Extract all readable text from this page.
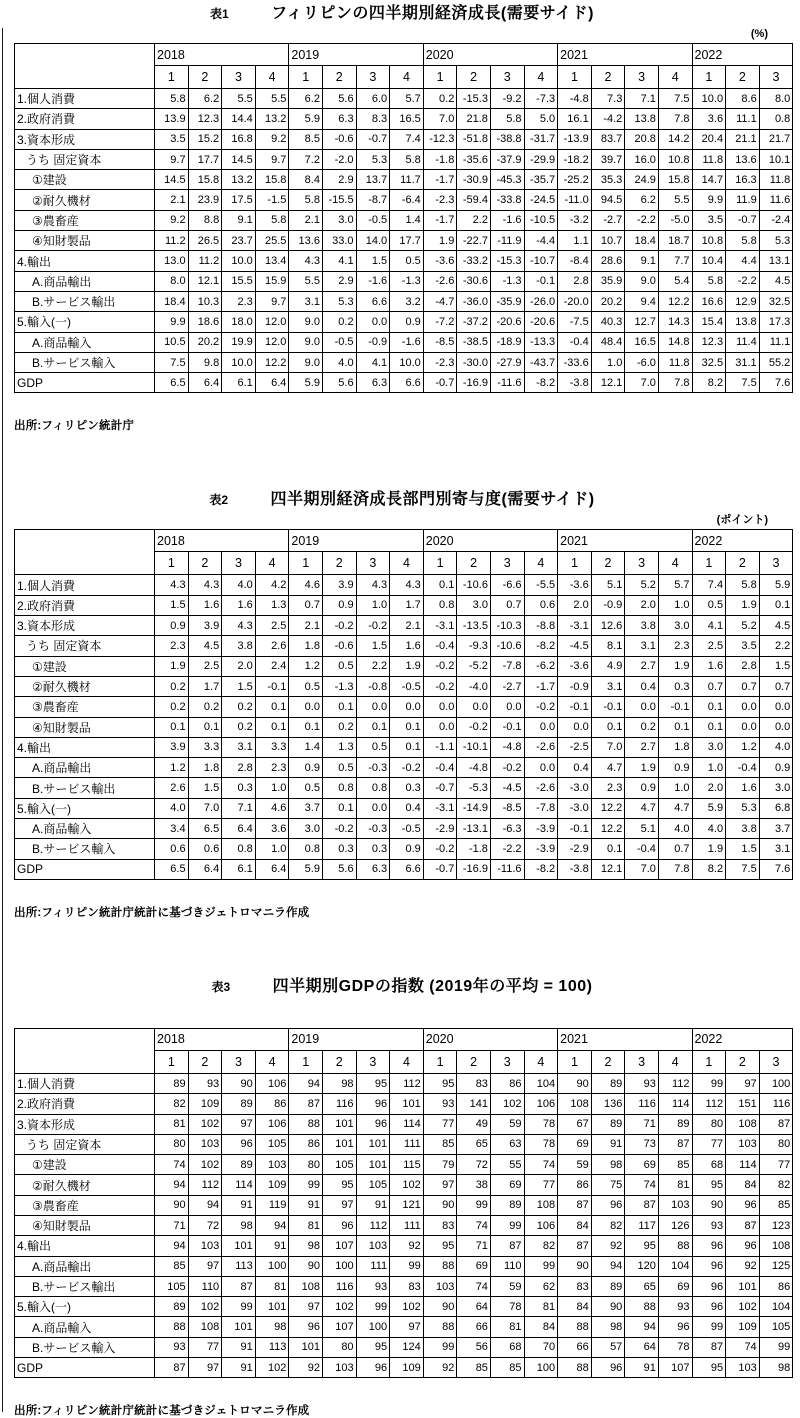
表1	フィリピンの四半期別経済成長(需要サイド)
(%)
	2018				2019				2020				2021				2022		
	1	2	3	4	1	2	3	4	1	2	3	4	1	2	3	4	1	2	3
1.個人消費	5.8	6.2	5.5	5.5	6.2	5.6	6.0	5.7	0.2	-15.3	-9.2	-7.3	-4.8	7.3	7.1	7.5	10.0	8.6	8.0
2.政府消費	13.9	12.3	14.4	13.2	5.9	6.3	8.3	16.5	7.0	21.8	5.8	5.0	16.1	-4.2	13.8	7.8	3.6	11.1	0.8
3.資本形成	3.5	15.2	16.8	9.2	8.5	-0.6	-0.7	7.4	-12.3	-51.8	-38.8	-31.7	-13.9	83.7	20.8	14.2	20.4	21.1	21.7
うち 固定資本	9.7	17.7	14.5	9.7	7.2	-2.0	5.3	5.8	-1.8	-35.6	-37.9	-29.9	-18.2	39.7	16.0	10.8	11.8	13.6	10.1
①建設	14.5	15.8	13.2	15.8	8.4	2.9	13.7	11.7	-1.7	-30.9	-45.3	-35.7	-25.2	35.3	24.9	15.8	14.7	16.3	11.8
②耐久機材	2.1	23.9	17.5	-1.5	5.8	-15.5	-8.7	-6.4	-2.3	-59.4	-33.8	-24.5	-11.0	94.5	6.2	5.5	9.9	11.9	11.6
③農畜産	9.2	8.8	9.1	5.8	2.1	3.0	-0.5	1.4	-1.7	2.2	-1.6	-10.5	-3.2	-2.7	-2.2	-5.0	3.5	-0.7	-2.4
④知財製品	11.2	26.5	23.7	25.5	13.6	33.0	14.0	17.7	1.9	-22.7	-11.9	-4.4	1.1	10.7	18.4	18.7	10.8	5.8	5.3
4.輸出	13.0	11.2	10.0	13.4	4.3	4.1	1.5	0.5	-3.6	-33.2	-15.3	-10.7	-8.4	28.6	9.1	7.7	10.4	4.4	13.1
A.商品輸出	8.0	12.1	15.5	15.9	5.5	2.9	-1.6	-1.3	-2.6	-30.6	-1.3	-0.1	2.8	35.9	9.0	5.4	5.8	-2.2	4.5
B.サービス輸出	18.4	10.3	2.3	9.7	3.1	5.3	6.6	3.2	-4.7	-36.0	-35.9	-26.0	-20.0	20.2	9.4	12.2	16.6	12.9	32.5
5.輸入(一)	9.9	18.6	18.0	12.0	9.0	0.2	0.0	0.9	-7.2	-37.2	-20.6	-20.6	-7.5	40.3	12.7	14.3	15.4	13.8	17.3
A.商品輸入	10.5	20.2	19.9	12.0	9.0	-0.5	-0.9	-1.6	-8.5	-38.5	-18.9	-13.3	-0.4	48.4	16.5	14.8	12.3	11.4	11.1
B.サービス輸入	7.5	9.8	10.0	12.2	9.0	4.0	4.1	10.0	-2.3	-30.0	-27.9	-43.7	-33.6	1.0	-6.0	11.8	32.5	31.1	55.2
GDP	6.5	6.4	6.1	6.4	5.9	5.6	6.3	6.6	-0.7	-16.9	-11.6	-8.2	-3.8	12.1	7.0	7.8	8.2	7.5	7.6
出所:フィリピン統計庁
表2	四半期別経済成長部門別寄与度(需要サイド)
(ポイント)
	2018				2019				2020				2021				2022		
	1	2	3	4	1	2	3	4	1	2	3	4	1	2	3	4	1	2	3
1.個人消費	4.3	4.3	4.0	4.2	4.6	3.9	4.3	4.3	0.1	-10.6	-6.6	-5.5	-3.6	5.1	5.2	5.7	7.4	5.8	5.9
2.政府消費	1.5	1.6	1.6	1.3	0.7	0.9	1.0	1.7	0.8	3.0	0.7	0.6	2.0	-0.9	2.0	1.0	0.5	1.9	0.1
3.資本形成	0.9	3.9	4.3	2.5	2.1	-0.2	-0.2	2.1	-3.1	-13.5	-10.3	-8.8	-3.1	12.6	3.8	3.0	4.1	5.2	4.5
うち 固定資本	2.3	4.5	3.8	2.6	1.8	-0.6	1.5	1.6	-0.4	-9.3	-10.6	-8.2	-4.5	8.1	3.1	2.3	2.5	3.5	2.2
①建設	1.9	2.5	2.0	2.4	1.2	0.5	2.2	1.9	-0.2	-5.2	-7.8	-6.2	-3.6	4.9	2.7	1.9	1.6	2.8	1.5
②耐久機材	0.2	1.7	1.5	-0.1	0.5	-1.3	-0.8	-0.5	-0.2	-4.0	-2.7	-1.7	-0.9	3.1	0.4	0.3	0.7	0.7	0.7
③農畜産	0.2	0.2	0.2	0.1	0.0	0.1	0.0	0.0	0.0	0.0	0.0	-0.2	-0.1	-0.1	0.0	-0.1	0.1	0.0	0.0
④知財製品	0.1	0.1	0.2	0.1	0.1	0.2	0.1	0.1	0.0	-0.2	-0.1	0.0	0.0	0.1	0.2	0.1	0.1	0.0	0.0
4.輸出	3.9	3.3	3.1	3.3	1.4	1.3	0.5	0.1	-1.1	-10.1	-4.8	-2.6	-2.5	7.0	2.7	1.8	3.0	1.2	4.0
A.商品輸出	1.2	1.8	2.8	2.3	0.9	0.5	-0.3	-0.2	-0.4	-4.8	-0.2	0.0	0.4	4.7	1.9	0.9	1.0	-0.4	0.9
B.サービス輸出	2.6	1.5	0.3	1.0	0.5	0.8	0.8	0.3	-0.7	-5.3	-4.5	-2.6	-3.0	2.3	0.9	1.0	2.0	1.6	3.0
5.輸入(一)	4.0	7.0	7.1	4.6	3.7	0.1	0.0	0.4	-3.1	-14.9	-8.5	-7.8	-3.0	12.2	4.7	4.7	5.9	5.3	6.8
A.商品輸入	3.4	6.5	6.4	3.6	3.0	-0.2	-0.3	-0.5	-2.9	-13.1	-6.3	-3.9	-0.1	12.2	5.1	4.0	4.0	3.8	3.7
B.サービス輸入	0.6	0.6	0.8	1.0	0.8	0.3	0.3	0.9	-0.2	-1.8	-2.2	-3.9	-2.9	0.1	-0.4	0.7	1.9	1.5	3.1
GDP	6.5	6.4	6.1	6.4	5.9	5.6	6.3	6.6	-0.7	-16.9	-11.6	-8.2	-3.8	12.1	7.0	7.8	8.2	7.5	7.6
出所:フィリピン統計庁統計に基づきジェトロマニラ作成
表3	四半期別GDPの指数 (2019年の平均 = 100)
	2018				2019				2020				2021				2022		
	1	2	3	4	1	2	3	4	1	2	3	4	1	2	3	4	1	2	3
1.個人消費	89	93	90	106	94	98	95	112	95	83	86	104	90	89	93	112	99	97	100
2.政府消費	82	109	89	86	87	116	96	101	93	141	102	106	108	136	116	114	112	151	116
3.資本形成	81	102	97	106	88	101	96	114	77	49	59	78	67	89	71	89	80	108	87
うち 固定資本	80	103	96	105	86	101	101	111	85	65	63	78	69	91	73	87	77	103	80
①建設	74	102	89	103	80	105	101	115	79	72	55	74	59	98	69	85	68	114	77
②耐久機材	94	112	114	109	99	95	105	102	97	38	69	77	86	75	74	81	95	84	82
③農畜産	90	94	91	119	91	97	91	121	90	99	89	108	87	96	87	103	90	96	85
④知財製品	71	72	98	94	81	96	112	111	83	74	99	106	84	82	117	126	93	87	123
4.輸出	94	103	101	91	98	107	103	92	95	71	87	82	87	92	95	88	96	96	108
A.商品輸出	85	97	113	100	90	100	111	99	88	69	110	99	90	94	120	104	96	92	125
B.サービス輸出	105	110	87	81	108	116	93	83	103	74	59	62	83	89	65	69	96	101	86
5.輸入(一)	89	102	99	101	97	102	99	102	90	64	78	81	84	90	88	93	96	102	104
A.商品輸入	88	108	101	98	96	107	100	97	88	66	81	84	88	98	94	96	99	109	105
B.サービス輸入	93	77	91	113	101	80	95	124	99	56	68	70	66	57	64	78	87	74	99
GDP	87	97	91	102	92	103	96	109	92	85	85	100	88	96	91	107	95	103	98
出所:フィリピン統計庁統計に基づきジェトロマニラ作成
